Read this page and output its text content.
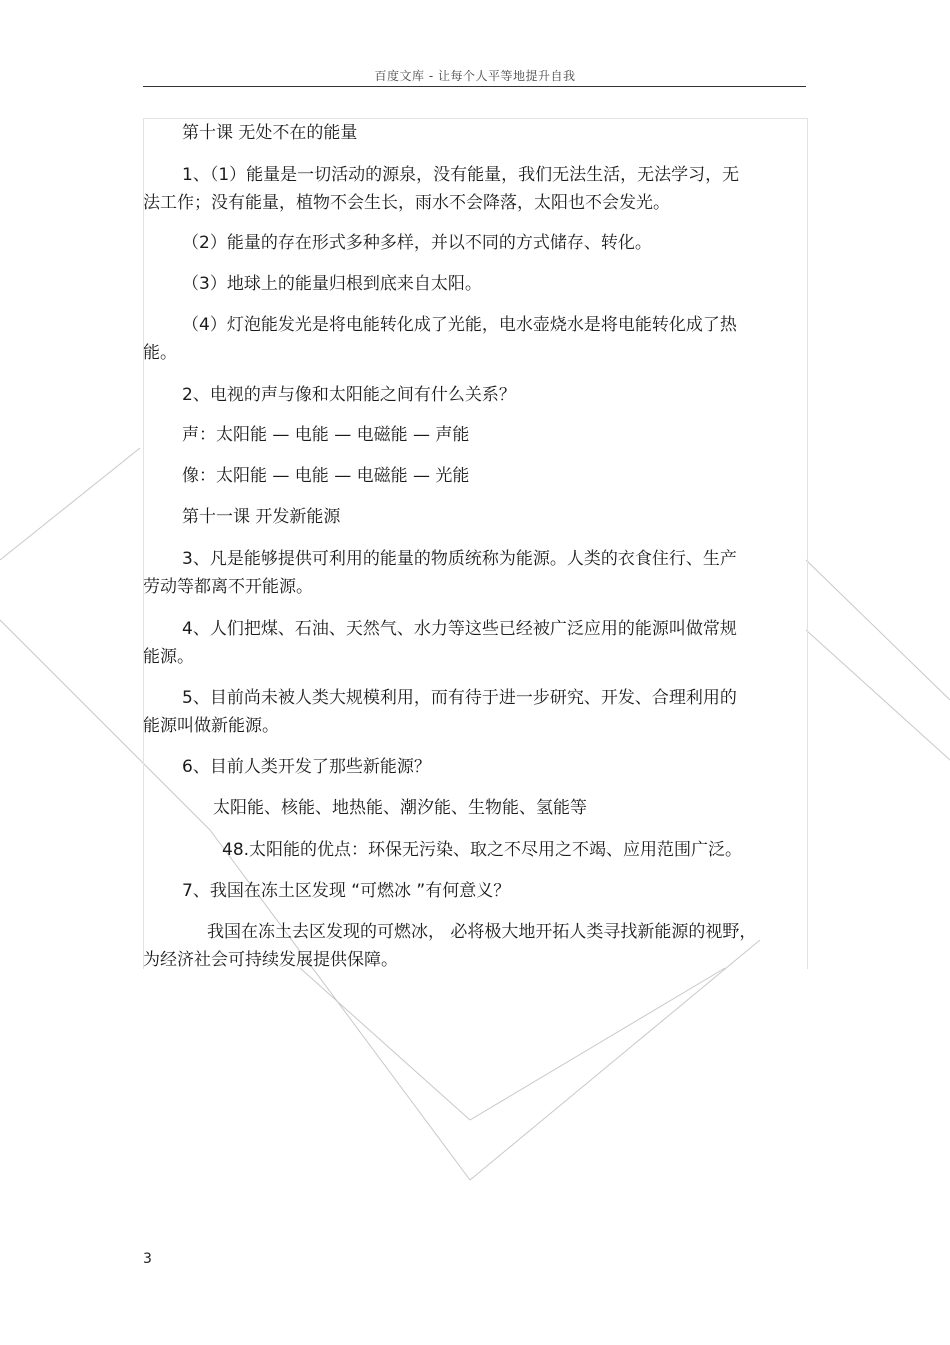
百度文库 - 让每个人平等地提升自我
第十课 无处不在的能量
1、（1）能量是一切活动的源泉，没有能量，我们无法生活，无法学习，无
法工作；没有能量，植物不会生长，雨水不会降落，太阳也不会发光。
（2）能量的存在形式多种多样，并以不同的方式储存、转化。
（3）地球上的能量归根到底来自太阳。
（4）灯泡能发光是将电能转化成了光能，电水壶烧水是将电能转化成了热
能。
2、电视的声与像和太阳能之间有什么关系？
声：太阳能 — 电能 — 电磁能 — 声能
像：太阳能 — 电能 — 电磁能 — 光能
第十一课 开发新能源
3、凡是能够提供可利用的能量的物质统称为能源。人类的衣食住行、生产
劳动等都离不开能源。
4、人们把煤、石油、天然气、水力等这些已经被广泛应用的能源叫做常规
能源。
5、目前尚未被人类大规模利用，而有待于进一步研究、开发、合理利用的
能源叫做新能源。
6、目前人类开发了那些新能源？
太阳能、核能、地热能、潮汐能、生物能、氢能等
48.太阳能的优点：环保无污染、取之不尽用之不竭、应用范围广泛。
7、我国在冻土区发现 “可燃冰 ”有何意义？
我国在冻土去区发现的可燃冰， 必将极大地开拓人类寻找新能源的视野，
为经济社会可持续发展提供保障。
3
